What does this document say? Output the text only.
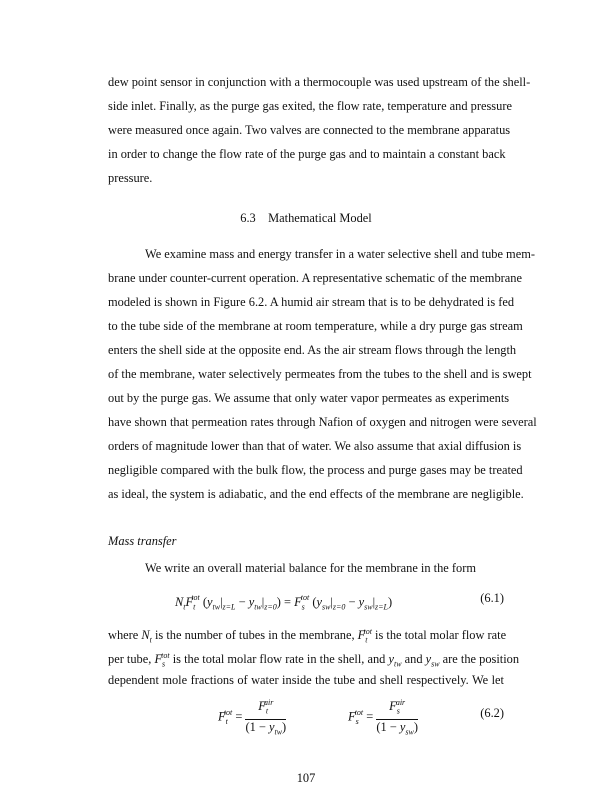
dew point sensor in conjunction with a thermocouple was used upstream of the shell-
side inlet. Finally, as the purge gas exited, the flow rate, temperature and pressure
were measured once again. Two valves are connected to the membrane apparatus
in order to change the flow rate of the purge gas and to maintain a constant back
pressure.
6.3    Mathematical Model
We examine mass and energy transfer in a water selective shell and tube mem-
brane under counter-current operation. A representative schematic of the membrane
modeled is shown in Figure 6.2. A humid air stream that is to be dehydrated is fed
to the tube side of the membrane at room temperature, while a dry purge gas stream
enters the shell side at the opposite end. As the air stream flows through the length
of the membrane, water selectively permeates from the tubes to the shell and is swept
out by the purge gas. We assume that only water vapor permeates as experiments
have shown that permeation rates through Nafion of oxygen and nitrogen were several
orders of magnitude lower than that of water. We also assume that axial diffusion is
negligible compared with the bulk flow, the process and purge gases may be treated
as ideal, the system is adiabatic, and the end effects of the membrane are negligible.
Mass transfer
We write an overall material balance for the membrane in the form
$N_tF_t^{tot}$ $(y_{tw}|_{z=L} - y_{tw}|_{z=0}) = F_s^{tot}$ $(y_{sw}|_{z=0} - y_{sw}|_{z=L})$	(6.1)
where $N_t$ is the number of tubes in the membrane, $F_t^{tot}$ is the total molar flow rate
per tube, $F_s^{tot}$ is the total molar flow rate in the shell, and $y_{tw}$ and $y_{sw}$ are the position
dependent mole fractions of water inside the tube and shell respectively. We let
$F_t^{tot} = \frac{F_t^{air}}{(1 - y_{tw})}$	$F_s^{tot} = \frac{F_s^{air}}{(1 - y_{sw})}$	(6.2)
107
